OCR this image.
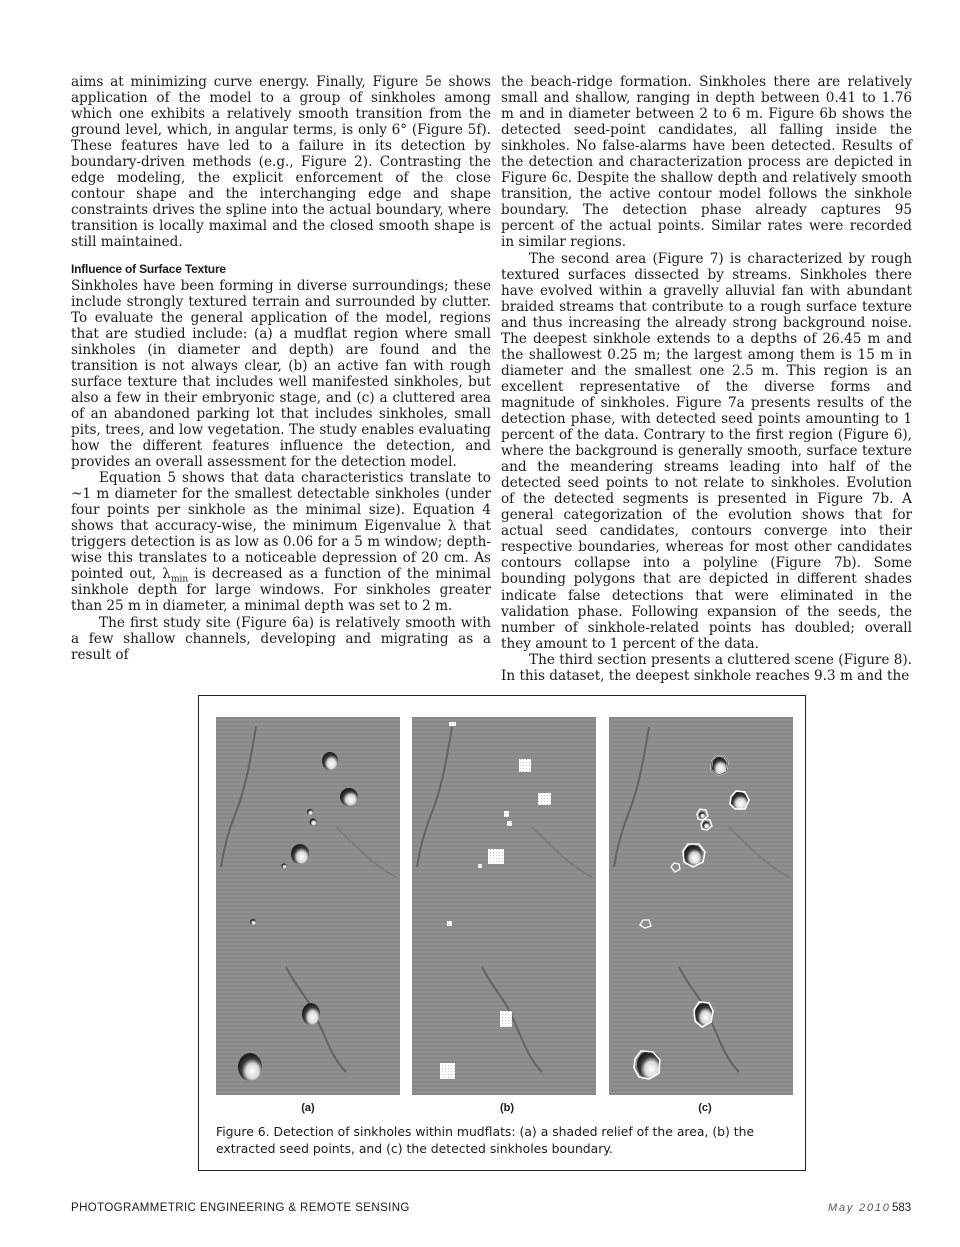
aims at minimizing curve energy. Finally, Figure 5e shows application of the model to a group of sinkholes among which one exhibits a relatively smooth transition from the ground level, which, in angular terms, is only 6° (Figure 5f). These features have led to a failure in its detection by boundary-driven methods (e.g., Figure 2). Contrasting the edge modeling, the explicit enforcement of the close contour shape and the interchanging edge and shape constraints drives the spline into the actual boundary, where transition is locally maximal and the closed smooth shape is still maintained.

Influence of Surface Texture

Sinkholes have been forming in diverse surroundings; these include strongly textured terrain and surrounded by clutter. To evaluate the general application of the model, regions that are studied include: (a) a mudflat region where small sinkholes (in diameter and depth) are found and the transition is not always clear, (b) an active fan with rough surface texture that includes well manifested sinkholes, but also a few in their embryonic stage, and (c) a cluttered area of an abandoned parking lot that includes sinkholes, small pits, trees, and low vegetation. The study enables evaluating how the different features influence the detection, and provides an overall assessment for the detection model.

Equation 5 shows that data characteristics translate to ~1 m diameter for the smallest detectable sinkholes (under four points per sinkhole as the minimal size). Equation 4 shows that accuracy-wise, the minimum Eigenvalue λ that triggers detection is as low as 0.06 for a 5 m window; depth-wise this translates to a noticeable depression of 20 cm. As pointed out, $\lambda_{min}$ is decreased as a function of the minimal sinkhole depth for large windows. For sinkholes greater than 25 m in diameter, a minimal depth was set to 2 m.

The first study site (Figure 6a) is relatively smooth with a few shallow channels, developing and migrating as a result of

the beach-ridge formation. Sinkholes there are relatively small and shallow, ranging in depth between 0.41 to 1.76 m and in diameter between 2 to 6 m. Figure 6b shows the detected seed-point candidates, all falling inside the sinkholes. No false-alarms have been detected. Results of the detection and characterization process are depicted in Figure 6c. Despite the shallow depth and relatively smooth transition, the active contour model follows the sinkhole boundary. The detection phase already captures 95 percent of the actual points. Similar rates were recorded in similar regions.

The second area (Figure 7) is characterized by rough textured surfaces dissected by streams. Sinkholes there have evolved within a gravelly alluvial fan with abundant braided streams that contribute to a rough surface texture and thus increasing the already strong background noise. The deepest sinkhole extends to a depths of 26.45 m and the shallowest 0.25 m; the largest among them is 15 m in diameter and the smallest one 2.5 m. This region is an excellent representative of the diverse forms and magnitude of sinkholes. Figure 7a presents results of the detection phase, with detected seed points amounting to 1 percent of the data. Contrary to the first region (Figure 6), where the background is generally smooth, surface texture and the meandering streams leading into half of the detected seed points to not relate to sinkholes. Evolution of the detected segments is presented in Figure 7b. A general categorization of the evolution shows that for actual seed candidates, contours converge into their respective boundaries, whereas for most other candidates contours collapse into a polyline (Figure 7b). Some bounding polygons that are depicted in different shades indicate false detections that were eliminated in the validation phase. Following expansion of the seeds, the number of sinkhole-related points has doubled; overall they amount to 1 percent of the data.

The third section presents a cluttered scene (Figure 8). In this dataset, the deepest sinkhole reaches 9.3 m and the

(a)	(b)	(c)
Figure 6. Detection of sinkholes within mudflats: (a) a shaded relief of the area, (b) the extracted seed points, and (c) the detected sinkholes boundary.
PHOTOGRAMMETRIC ENGINEERING & REMOTE SENSING	May 2010 583
